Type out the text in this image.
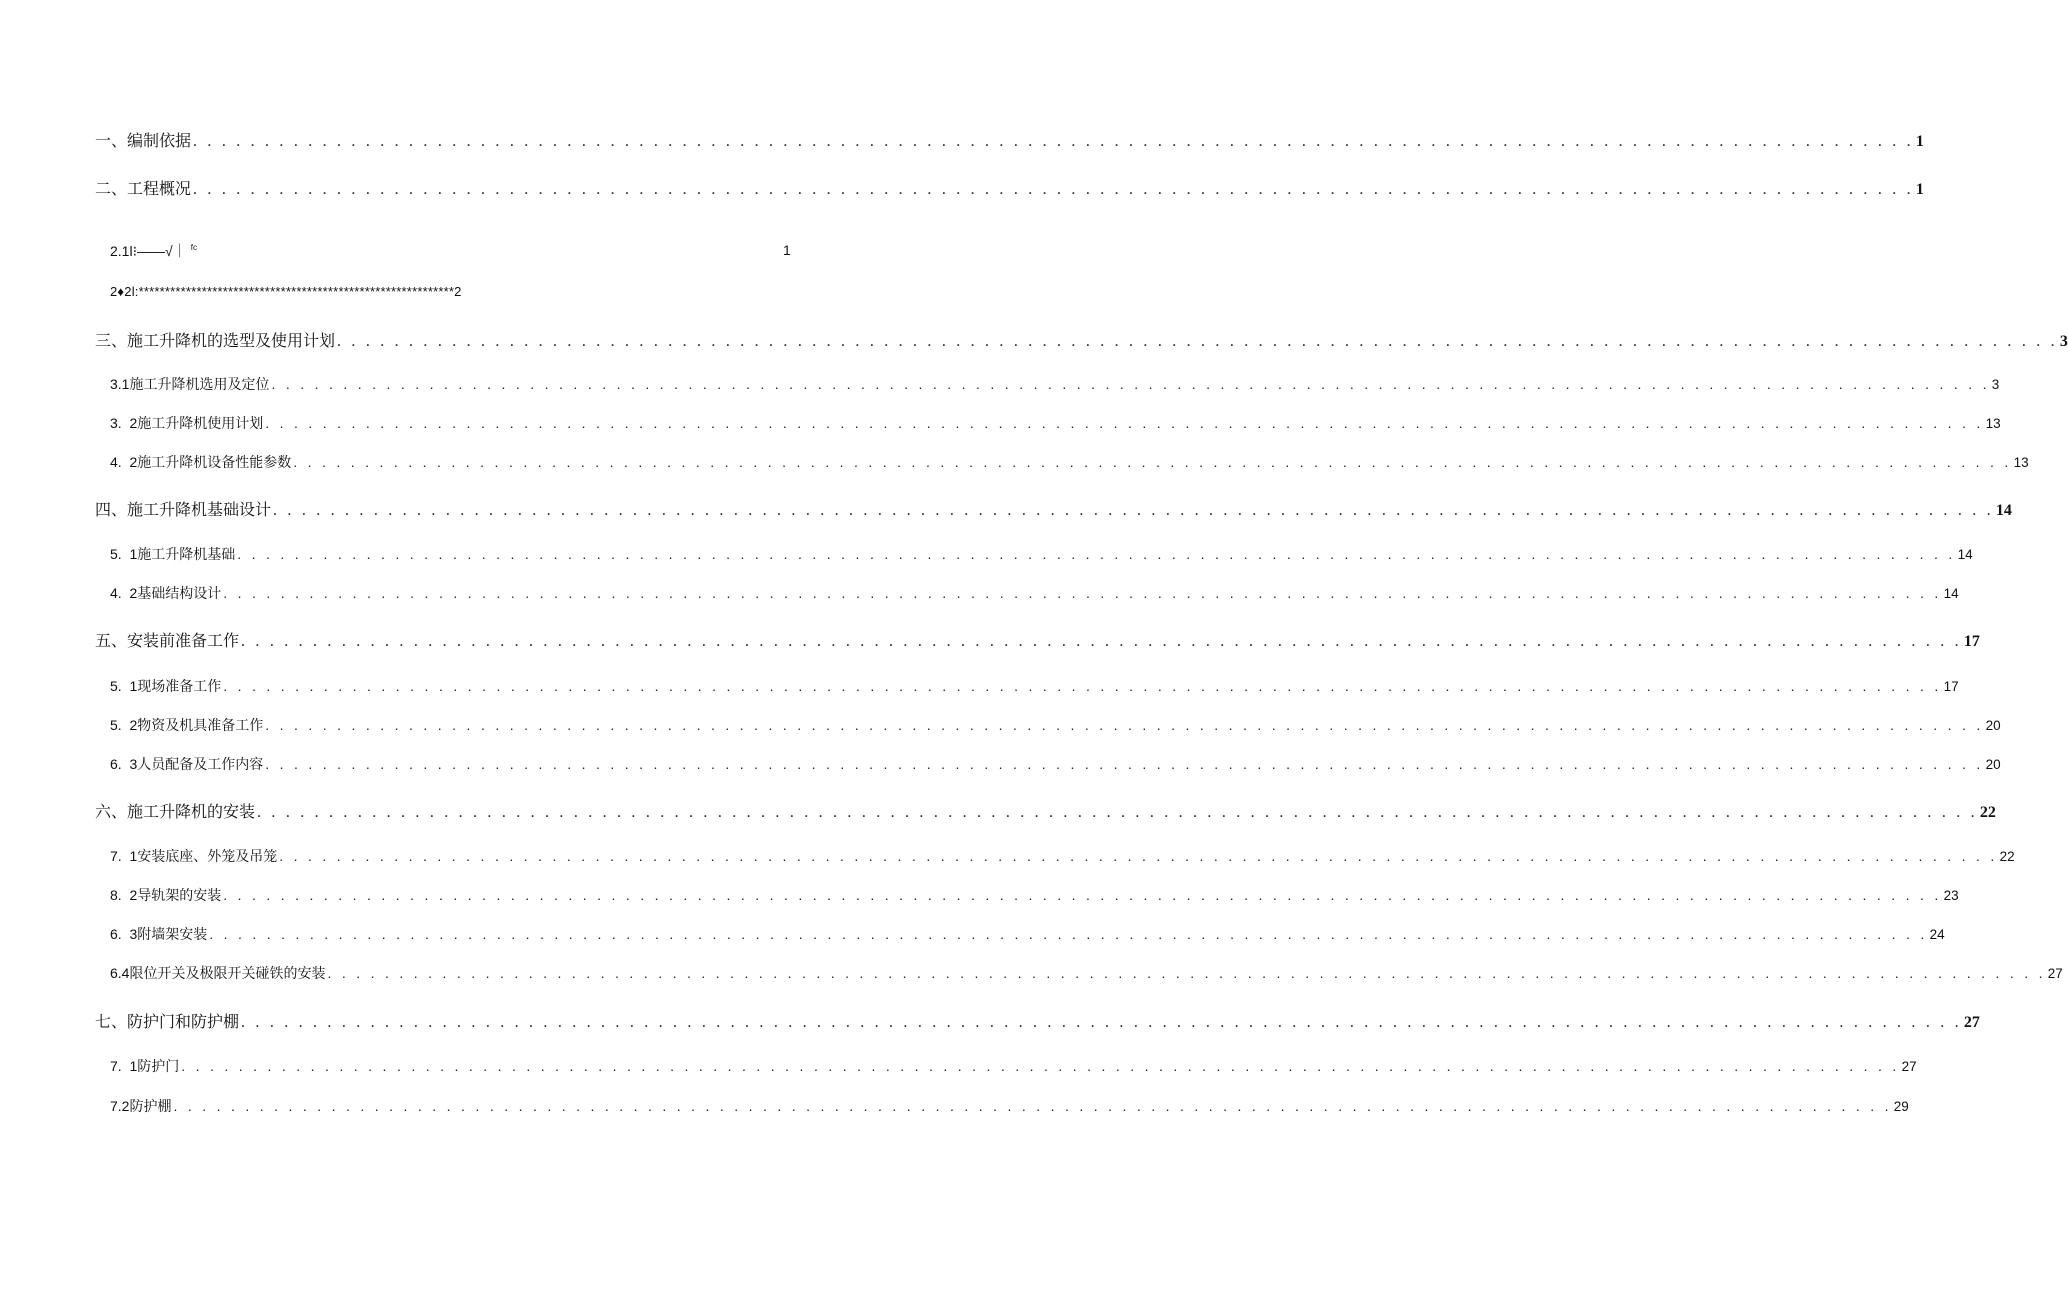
一、编制依据 . . . . . . . . . . . . . . . . . . . . . . . . . . . . . . . . . . . . . . . . . . . . . . . . . . . . . . . . . . . . . . . . . . . . . . . . . . . . . . . . . . . . . . . . . . . . . . . . . . . . . . . . . . . . . . . . . . . . . . . . 1
二、工程概况 . . . . . . . . . . . . . . . . . . . . . . . . . . . . . . . . . . . . . . . . . . . . . . . . . . . . . . . . . . . . . . . . . . . . . . . . . . . . . . . . . . . . . . . . . . . . . . . . . . . . . . . . . . . . . . . . . . . . . . . . 1
2.1l⁝——√｜ $^{fc}$	1
2♦2l:************************************************************2
三、施工升降机的选型及使用计划 . . . . . . . . . . . . . . . . . . . . . . . . . . . . . . . . . . . . . . . . . . . . . . . . . . . . . . . . . . . . . . . . . . . . . . . . . . . . . . . . . . . . . . . . . . . . . . . . . . . . . . . . . . . . . . . . . . . . . . . . 3
3.1施工升降机选用及定位 . . . . . . . . . . . . . . . . . . . . . . . . . . . . . . . . . . . . . . . . . . . . . . . . . . . . . . . . . . . . . . . . . . . . . . . . . . . . . . . . . . . . . . . . . . . . . . . . . . . . . . . . . . . . . . . . . . . . . . . . 3
3.  2施工升降机使用计划 . . . . . . . . . . . . . . . . . . . . . . . . . . . . . . . . . . . . . . . . . . . . . . . . . . . . . . . . . . . . . . . . . . . . . . . . . . . . . . . . . . . . . . . . . . . . . . . . . . . . . . . . . . . . . . . . . . . . . . . . 13
4.  2施工升降机设备性能参数 . . . . . . . . . . . . . . . . . . . . . . . . . . . . . . . . . . . . . . . . . . . . . . . . . . . . . . . . . . . . . . . . . . . . . . . . . . . . . . . . . . . . . . . . . . . . . . . . . . . . . . . . . . . . . . . . . . . . . . . . 13
四、施工升降机基础设计 . . . . . . . . . . . . . . . . . . . . . . . . . . . . . . . . . . . . . . . . . . . . . . . . . . . . . . . . . . . . . . . . . . . . . . . . . . . . . . . . . . . . . . . . . . . . . . . . . . . . . . . . . . . . . . . . . . . . . . . . 14
5.  1施工升降机基础 . . . . . . . . . . . . . . . . . . . . . . . . . . . . . . . . . . . . . . . . . . . . . . . . . . . . . . . . . . . . . . . . . . . . . . . . . . . . . . . . . . . . . . . . . . . . . . . . . . . . . . . . . . . . . . . . . . . . . . . . 14
4.  2基础结构设计 . . . . . . . . . . . . . . . . . . . . . . . . . . . . . . . . . . . . . . . . . . . . . . . . . . . . . . . . . . . . . . . . . . . . . . . . . . . . . . . . . . . . . . . . . . . . . . . . . . . . . . . . . . . . . . . . . . . . . . . . 14
五、安装前准备工作 . . . . . . . . . . . . . . . . . . . . . . . . . . . . . . . . . . . . . . . . . . . . . . . . . . . . . . . . . . . . . . . . . . . . . . . . . . . . . . . . . . . . . . . . . . . . . . . . . . . . . . . . . . . . . . . . . . . . . . . . 17
5.  1现场准备工作 . . . . . . . . . . . . . . . . . . . . . . . . . . . . . . . . . . . . . . . . . . . . . . . . . . . . . . . . . . . . . . . . . . . . . . . . . . . . . . . . . . . . . . . . . . . . . . . . . . . . . . . . . . . . . . . . . . . . . . . . 17
5.  2物资及机具准备工作 . . . . . . . . . . . . . . . . . . . . . . . . . . . . . . . . . . . . . . . . . . . . . . . . . . . . . . . . . . . . . . . . . . . . . . . . . . . . . . . . . . . . . . . . . . . . . . . . . . . . . . . . . . . . . . . . . . . . . . . . 20
6.  3人员配备及工作内容 . . . . . . . . . . . . . . . . . . . . . . . . . . . . . . . . . . . . . . . . . . . . . . . . . . . . . . . . . . . . . . . . . . . . . . . . . . . . . . . . . . . . . . . . . . . . . . . . . . . . . . . . . . . . . . . . . . . . . . . . 20
六、施工升降机的安装 . . . . . . . . . . . . . . . . . . . . . . . . . . . . . . . . . . . . . . . . . . . . . . . . . . . . . . . . . . . . . . . . . . . . . . . . . . . . . . . . . . . . . . . . . . . . . . . . . . . . . . . . . . . . . . . . . . . . . . . . 22
7.  1安装底座、外笼及吊笼 . . . . . . . . . . . . . . . . . . . . . . . . . . . . . . . . . . . . . . . . . . . . . . . . . . . . . . . . . . . . . . . . . . . . . . . . . . . . . . . . . . . . . . . . . . . . . . . . . . . . . . . . . . . . . . . . . . . . . . . . 22
8.  2导轨架的安装 . . . . . . . . . . . . . . . . . . . . . . . . . . . . . . . . . . . . . . . . . . . . . . . . . . . . . . . . . . . . . . . . . . . . . . . . . . . . . . . . . . . . . . . . . . . . . . . . . . . . . . . . . . . . . . . . . . . . . . . . 23
6.  3附墙架安装 . . . . . . . . . . . . . . . . . . . . . . . . . . . . . . . . . . . . . . . . . . . . . . . . . . . . . . . . . . . . . . . . . . . . . . . . . . . . . . . . . . . . . . . . . . . . . . . . . . . . . . . . . . . . . . . . . . . . . . . . 24
6.4限位开关及极限开关碰铁的安装 . . . . . . . . . . . . . . . . . . . . . . . . . . . . . . . . . . . . . . . . . . . . . . . . . . . . . . . . . . . . . . . . . . . . . . . . . . . . . . . . . . . . . . . . . . . . . . . . . . . . . . . . . . . . . . . . . . . . . . . . 27
七、防护门和防护棚 . . . . . . . . . . . . . . . . . . . . . . . . . . . . . . . . . . . . . . . . . . . . . . . . . . . . . . . . . . . . . . . . . . . . . . . . . . . . . . . . . . . . . . . . . . . . . . . . . . . . . . . . . . . . . . . . . . . . . . . . 27
7.  1防护门 . . . . . . . . . . . . . . . . . . . . . . . . . . . . . . . . . . . . . . . . . . . . . . . . . . . . . . . . . . . . . . . . . . . . . . . . . . . . . . . . . . . . . . . . . . . . . . . . . . . . . . . . . . . . . . . . . . . . . . . . 27
7.2防护棚 . . . . . . . . . . . . . . . . . . . . . . . . . . . . . . . . . . . . . . . . . . . . . . . . . . . . . . . . . . . . . . . . . . . . . . . . . . . . . . . . . . . . . . . . . . . . . . . . . . . . . . . . . . . . . . . . . . . . . . . . 29
